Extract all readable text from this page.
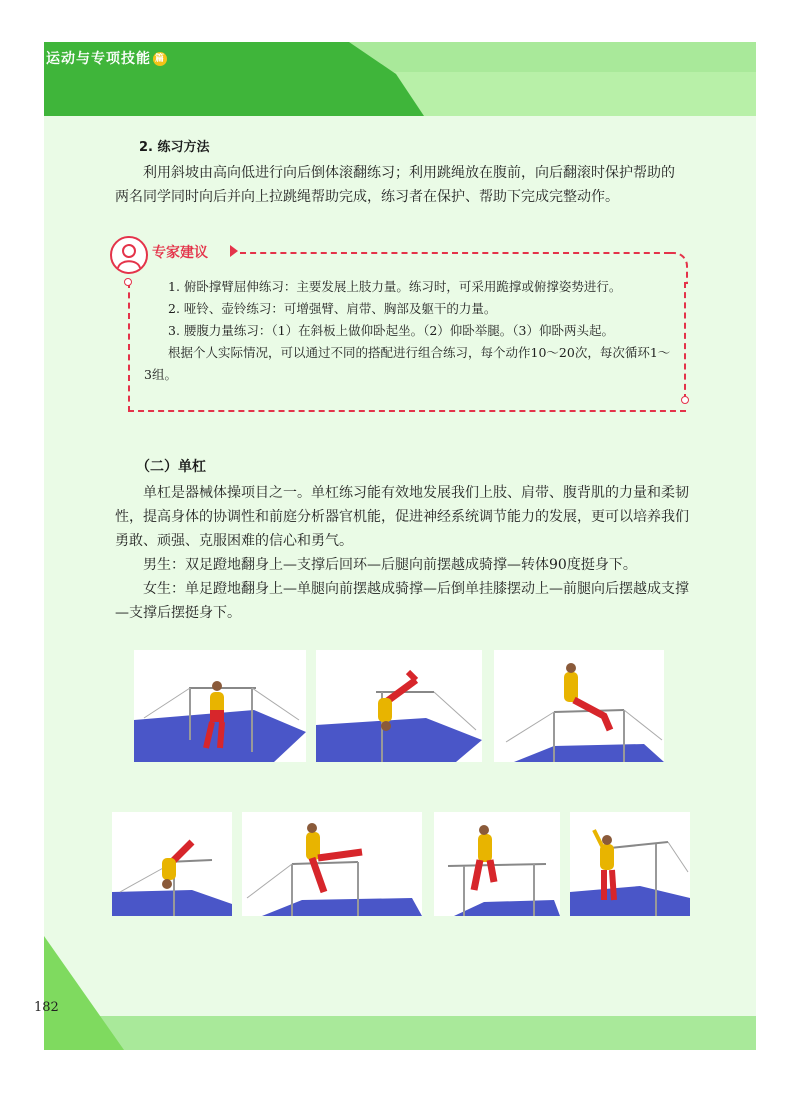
运动与专项技能 篇
2. 练习方法
利用斜坡由高向低进行向后倒体滚翻练习；利用跳绳放在腹前，向后翻滚时保护帮助的两名同学同时向后并向上拉跳绳帮助完成，练习者在保护、帮助下完成完整动作。
专家建议
1. 俯卧撑臂屈伸练习：主要发展上肢力量。练习时，可采用跪撑或俯撑姿势进行。
2. 哑铃、壶铃练习：可增强臂、肩带、胸部及躯干的力量。
3. 腰腹力量练习：（1）在斜板上做仰卧起坐。（2）仰卧举腿。（3）仰卧两头起。
根据个人实际情况，可以通过不同的搭配进行组合练习，每个动作10～20次，每次循环1～3组。
（二）单杠
单杠是器械体操项目之一。单杠练习能有效地发展我们上肢、肩带、腹背肌的力量和柔韧性，提高身体的协调性和前庭分析器官机能，促进神经系统调节能力的发展，更可以培养我们勇敢、顽强、克服困难的信心和勇气。
男生：双足蹬地翻身上—支撑后回环—后腿向前摆越成骑撑—转体90度挺身下。
女生：单足蹬地翻身上—单腿向前摆越成骑撑—后倒单挂膝摆动上—前腿向后摆越成支撑—支撑后摆挺身下。
182
